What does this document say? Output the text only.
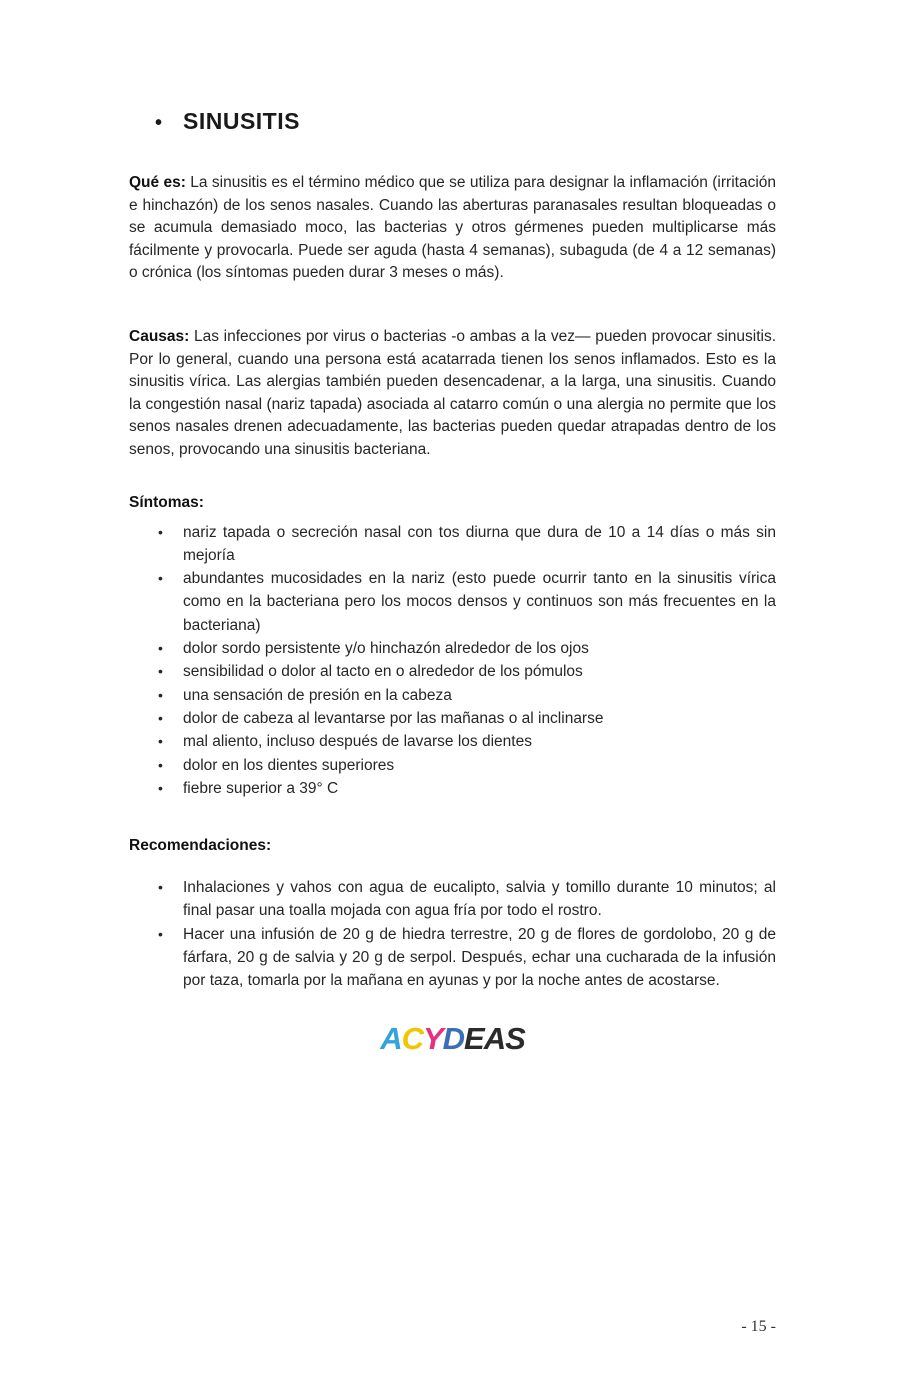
• SINUSITIS

Qué es: La sinusitis es el término médico que se utiliza para designar la inflamación (irritación e hinchazón) de los senos nasales. Cuando las aberturas paranasales resultan bloqueadas o se acumula demasiado moco, las bacterias y otros gérmenes pueden multiplicarse más fácilmente y provocarla. Puede ser aguda (hasta 4 semanas), subaguda (de 4 a 12 semanas) o crónica (los síntomas pueden durar 3 meses o más).

Causas: Las infecciones por virus o bacterias -o ambas a la vez— pueden provocar sinusitis. Por lo general, cuando una persona está acatarrada tienen los senos inflamados. Esto es la sinusitis vírica. Las alergias también pueden desencadenar, a la larga, una sinusitis. Cuando la congestión nasal (nariz tapada) asociada al catarro común o una alergia no permite que los senos nasales drenen adecuadamente, las bacterias pueden quedar atrapadas dentro de los senos, provocando una sinusitis bacteriana.

Síntomas:
•	nariz tapada o secreción nasal con tos diurna que dura de 10 a 14 días o más sin mejoría
•	abundantes mucosidades en la nariz (esto puede ocurrir tanto en la sinusitis vírica como en la bacteriana pero los mocos densos y continuos son más frecuentes en la bacteriana)
•	dolor sordo persistente y/o hinchazón alrededor de los ojos
•	sensibilidad o dolor al tacto en o alrededor de los pómulos
•	una sensación de presión en la cabeza
•	dolor de cabeza al levantarse por las mañanas o al inclinarse
•	mal aliento, incluso después de lavarse los dientes
•	dolor en los dientes superiores
•	fiebre superior a 39° C
Recomendaciones:
•	Inhalaciones y vahos con agua de eucalipto, salvia y tomillo durante 10 minutos; al final pasar una toalla mojada con agua fría por todo el rostro.
•	Hacer una infusión de 20 g de hiedra terrestre, 20 g de flores de gordolobo, 20 g de fárfara, 20 g de salvia y 20 g de serpol. Después, echar una cucharada de la infusión por taza, tomarla por la mañana en ayunas y por la noche antes de acostarse.
ACYDEAS
- 15 -
